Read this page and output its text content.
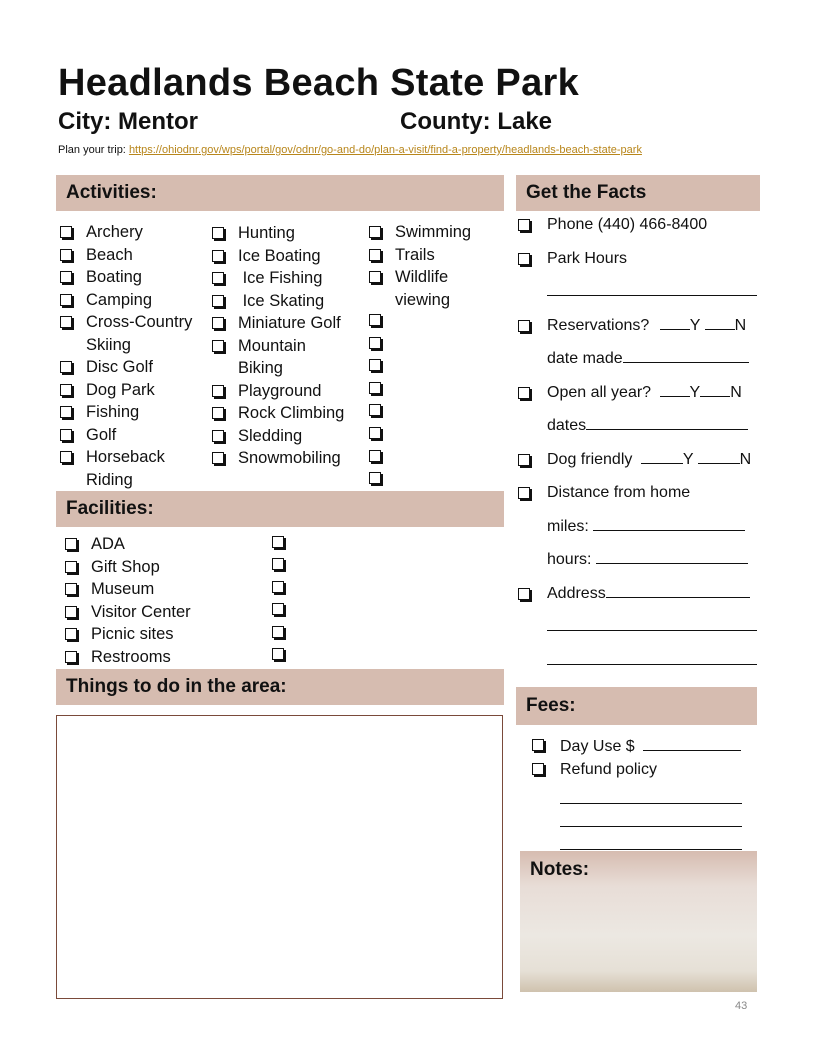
Headlands Beach State Park
City: Mentor	County: Lake
Plan your trip: https://ohiodnr.gov/wps/portal/gov/odnr/go-and-do/plan-a-visit/find-a-property/headlands-beach-state-park
Activities:
Archery
Beach
Boating
Camping
Cross-Country Skiing
Disc Golf
Dog Park
Fishing
Golf
Horseback Riding
Hunting
Ice Boating
Ice Fishing
Ice Skating
Miniature Golf
Mountain Biking
Playground
Rock Climbing
Sledding
Snowmobiling
Swimming
Trails
Wildlife viewing
Facilities:
ADA
Gift Shop
Museum
Visitor Center
Picnic sites
Restrooms
Things to do in the area:
Get the Facts
Phone (440) 466-8400
Park Hours
Reservations?	Y N
date made
Open all year? Y N
dates
Dog friendly	Y	N
Distance from home
miles:
hours:
Address
Fees:
Day Use $
Refund policy
Notes:
43
